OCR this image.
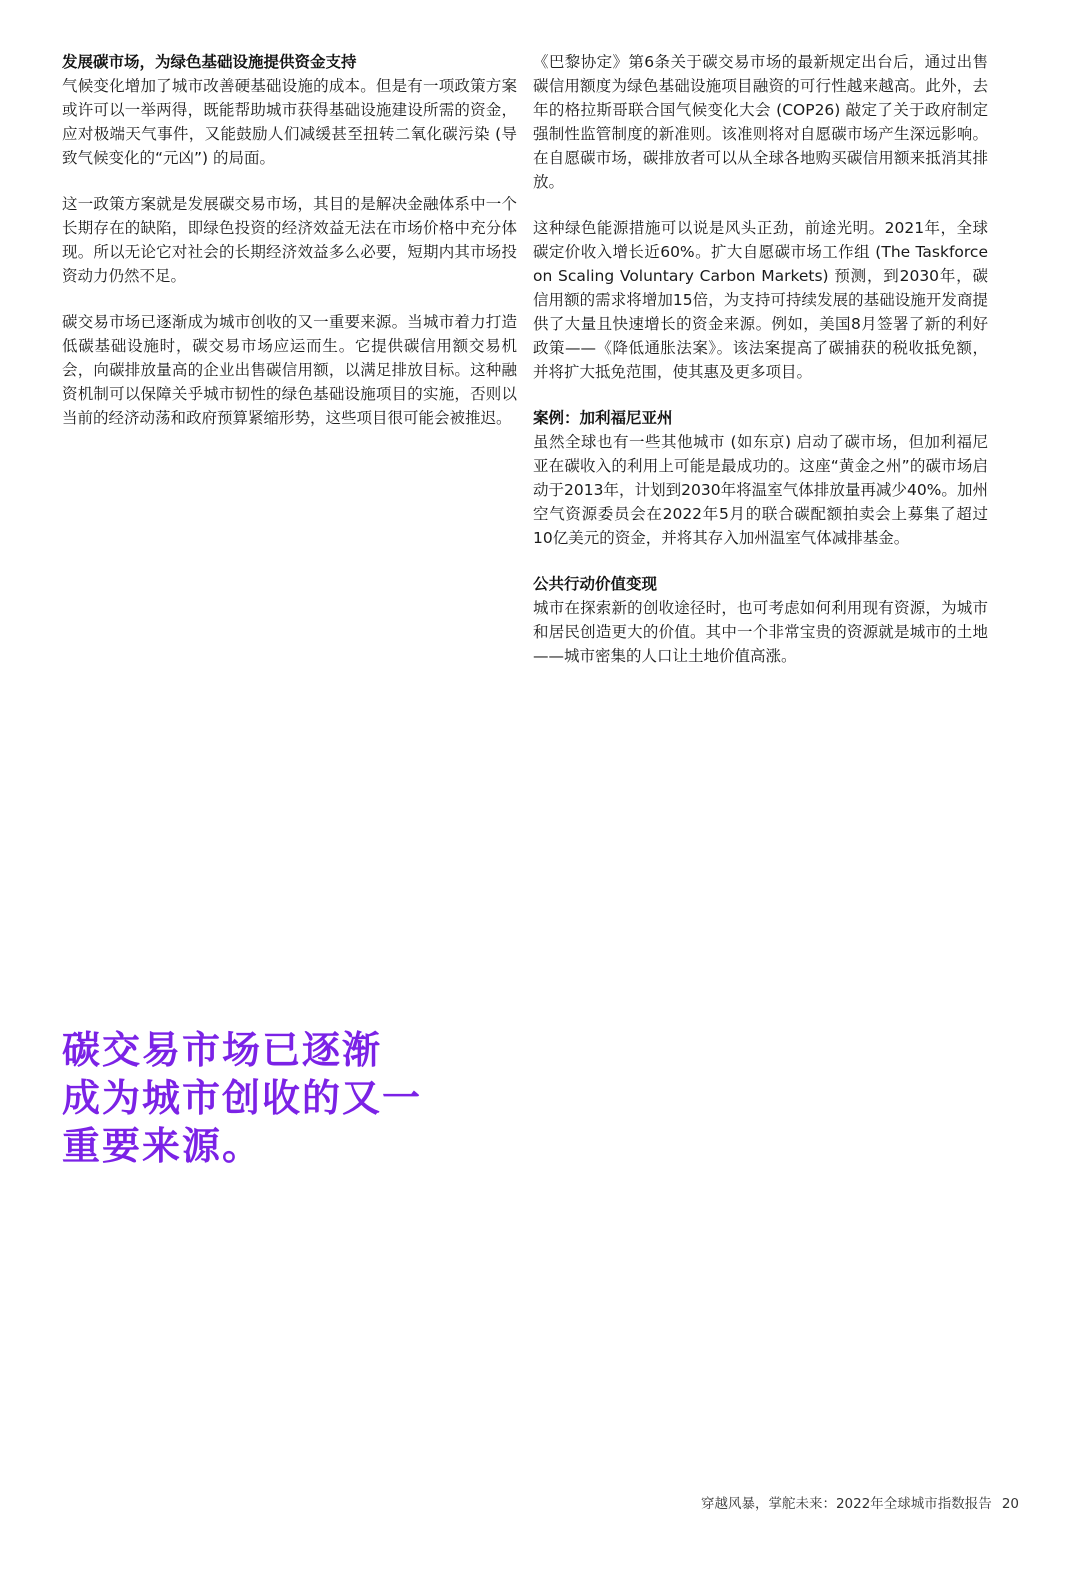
发展碳市场，为绿色基础设施提供资金支持

气候变化增加了城市改善硬基础设施的成本。但是有一项政策方案或许可以一举两得，既能帮助城市获得基础设施建设所需的资金，应对极端天气事件，又能鼓励人们减缓甚至扭转二氧化碳污染 (导致气候变化的“元凶”) 的局面。

这一政策方案就是发展碳交易市场，其目的是解决金融体系中一个长期存在的缺陷，即绿色投资的经济效益无法在市场价格中充分体现。所以无论它对社会的长期经济效益多么必要，短期内其市场投资动力仍然不足。

碳交易市场已逐渐成为城市创收的又一重要来源。当城市着力打造低碳基础设施时，碳交易市场应运而生。它提供碳信用额交易机会，向碳排放量高的企业出售碳信用额，以满足排放目标。这种融资机制可以保障关乎城市韧性的绿色基础设施项目的实施，否则以当前的经济动荡和政府预算紧缩形势，这些项目很可能会被推迟。

《巴黎协定》第6条关于碳交易市场的最新规定出台后，通过出售碳信用额度为绿色基础设施项目融资的可行性越来越高。此外，去年的格拉斯哥联合国气候变化大会 (COP26) 敲定了关于政府制定强制性监管制度的新准则。该准则将对自愿碳市场产生深远影响。 在自愿碳市场，碳排放者可以从全球各地购买碳信用额来抵消其排放。

这种绿色能源措施可以说是风头正劲，前途光明。2021年，全球碳定价收入增长近60%。扩大自愿碳市场工作组 (The Taskforce on Scaling Voluntary Carbon Markets) 预测，到2030年，碳信用额的需求将增加15倍，为支持可持续发展的基础设施开发商提供了大量且快速增长的资金来源。例如，美国8月签署了新的利好政策——《降低通胀法案》。该法案提高了碳捕获的税收抵免额，并将扩大抵免范围，使其惠及更多项目。

案例：加利福尼亚州

虽然全球也有一些其他城市 (如东京) 启动了碳市场，但加利福尼亚在碳收入的利用上可能是最成功的。这座“黄金之州”的碳市场启动于2013年，计划到2030年将温室气体排放量再减少40%。加州空气资源委员会在2022年5月的联合碳配额拍卖会上募集了超过10亿美元的资金，并将其存入加州温室气体减排基金。

公共行动价值变现

城市在探索新的创收途径时，也可考虑如何利用现有资源，为城市和居民创造更大的价值。其中一个非常宝贵的资源就是城市的土地——城市密集的人口让土地价值高涨。

碳交易市场已逐渐
成为城市创收的又一
重要来源。
穿越风暴，掌舵未来：2022年全球城市指数报告 20
